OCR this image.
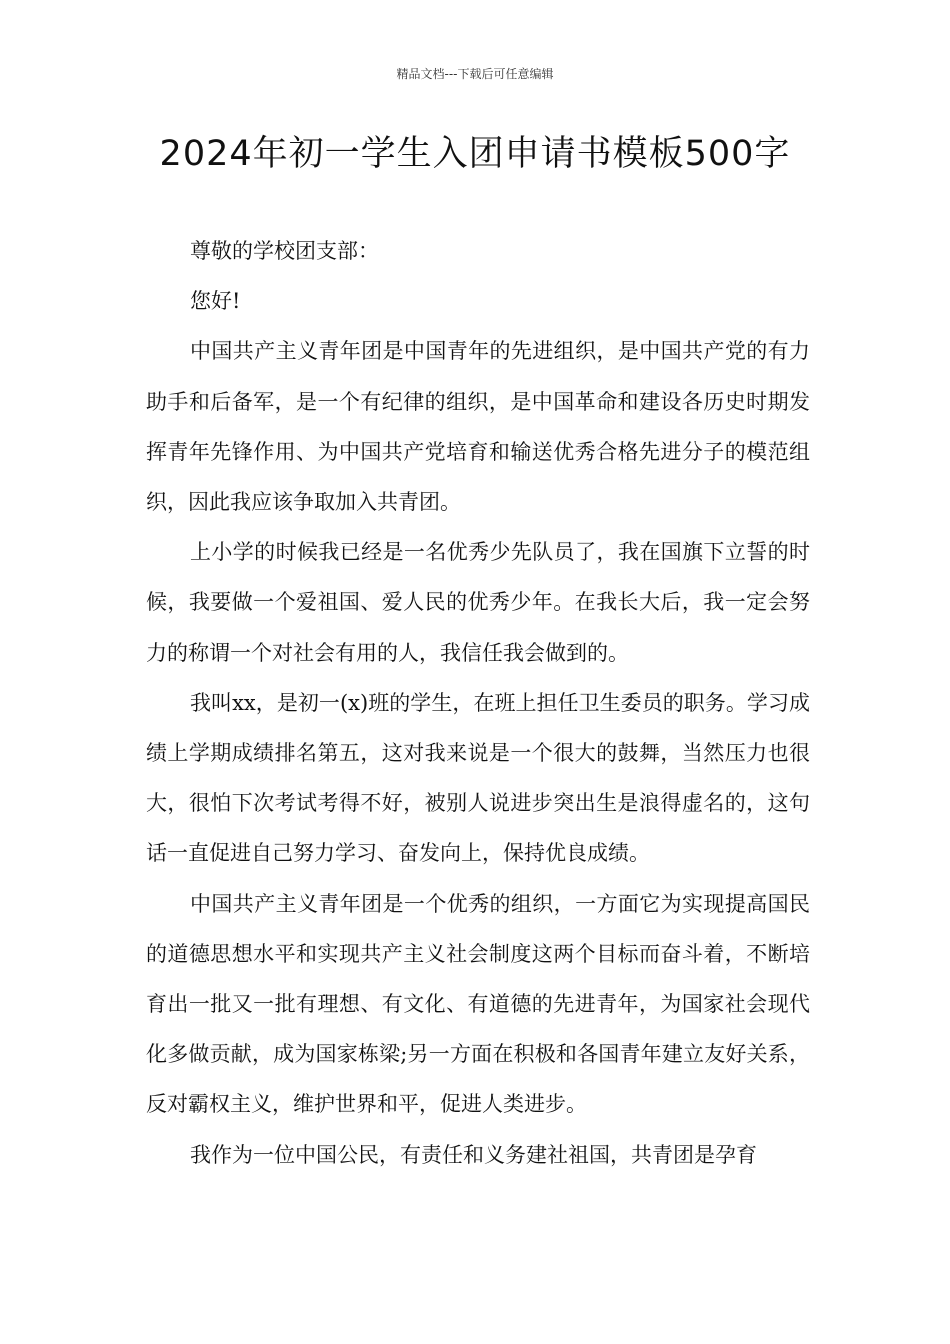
精品文档---下载后可任意编辑
2024年初一学生入团申请书模板500字

尊敬的学校团支部：

您好!

中国共产主义青年团是中国青年的先进组织，是中国共产党的有力助手和后备军，是一个有纪律的组织，是中国革命和建设各历史时期发挥青年先锋作用、为中国共产党培育和输送优秀合格先进分子的模范组织，因此我应该争取加入共青团。

上小学的时候我已经是一名优秀少先队员了，我在国旗下立誓的时候，我要做一个爱祖国、爱人民的优秀少年。在我长大后，我一定会努力的称谓一个对社会有用的人，我信任我会做到的。

我叫xx，是初一(x)班的学生，在班上担任卫生委员的职务。学习成绩上学期成绩排名第五，这对我来说是一个很大的鼓舞，当然压力也很大，很怕下次考试考得不好，被别人说进步突出生是浪得虚名的，这句话一直促进自己努力学习、奋发向上，保持优良成绩。

中国共产主义青年团是一个优秀的组织，一方面它为实现提高国民的道德思想水平和实现共产主义社会制度这两个目标而奋斗着，不断培育出一批又一批有理想、有文化、有道德的先进青年，为国家社会现代化多做贡献，成为国家栋梁;另一方面在积极和各国青年建立友好关系，反对霸权主义，维护世界和平，促进人类进步。

我作为一位中国公民，有责任和义务建社祖国，共青团是孕育
